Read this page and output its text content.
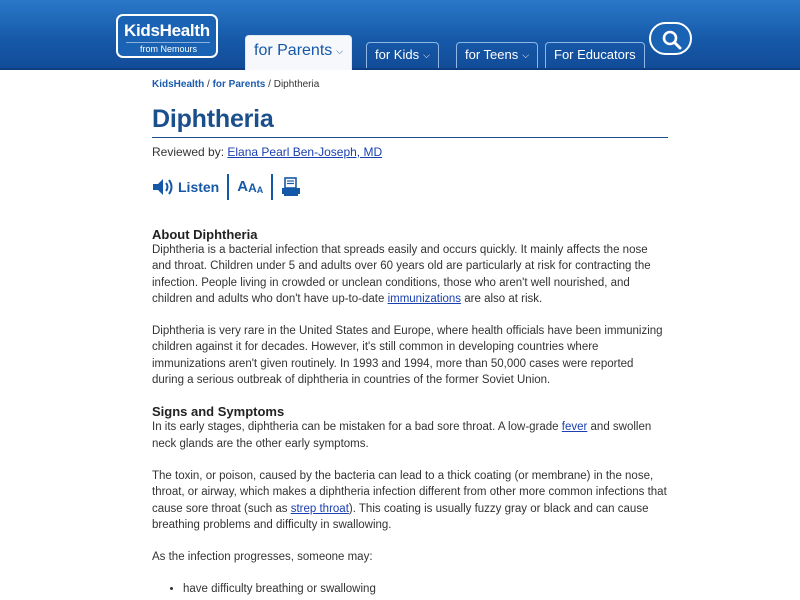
KidsHealth
from Nemours	for Parents ⌵	for Kids ⌵	for Teens ⌵	For Educators
KidsHealth / for Parents / Diphtheria
Diphtheria
Reviewed by: Elana Pearl Ben-Joseph, MD
Listen A A A
About Diphtheria

Diphtheria is a bacterial infection that spreads easily and occurs quickly. It mainly affects the nose and throat. Children under 5 and adults over 60 years old are particularly at risk for contracting the infection. People living in crowded or unclean conditions, those who aren't well nourished, and children and adults who don't have up-to-date immunizations are also at risk.

Diphtheria is very rare in the United States and Europe, where health officials have been immunizing children against it for decades. However, it's still common in developing countries where immunizations aren't given routinely. In 1993 and 1994, more than 50,000 cases were reported during a serious outbreak of diphtheria in countries of the former Soviet Union.

Signs and Symptoms

In its early stages, diphtheria can be mistaken for a bad sore throat. A low-grade fever and swollen neck glands are the other early symptoms.

The toxin, or poison, caused by the bacteria can lead to a thick coating (or membrane) in the nose, throat, or airway, which makes a diphtheria infection different from other more common infections that cause sore throat (such as strep throat). This coating is usually fuzzy gray or black and can cause breathing problems and difficulty in swallowing.

As the infection progresses, someone may:

• have difficulty breathing or swallowing
